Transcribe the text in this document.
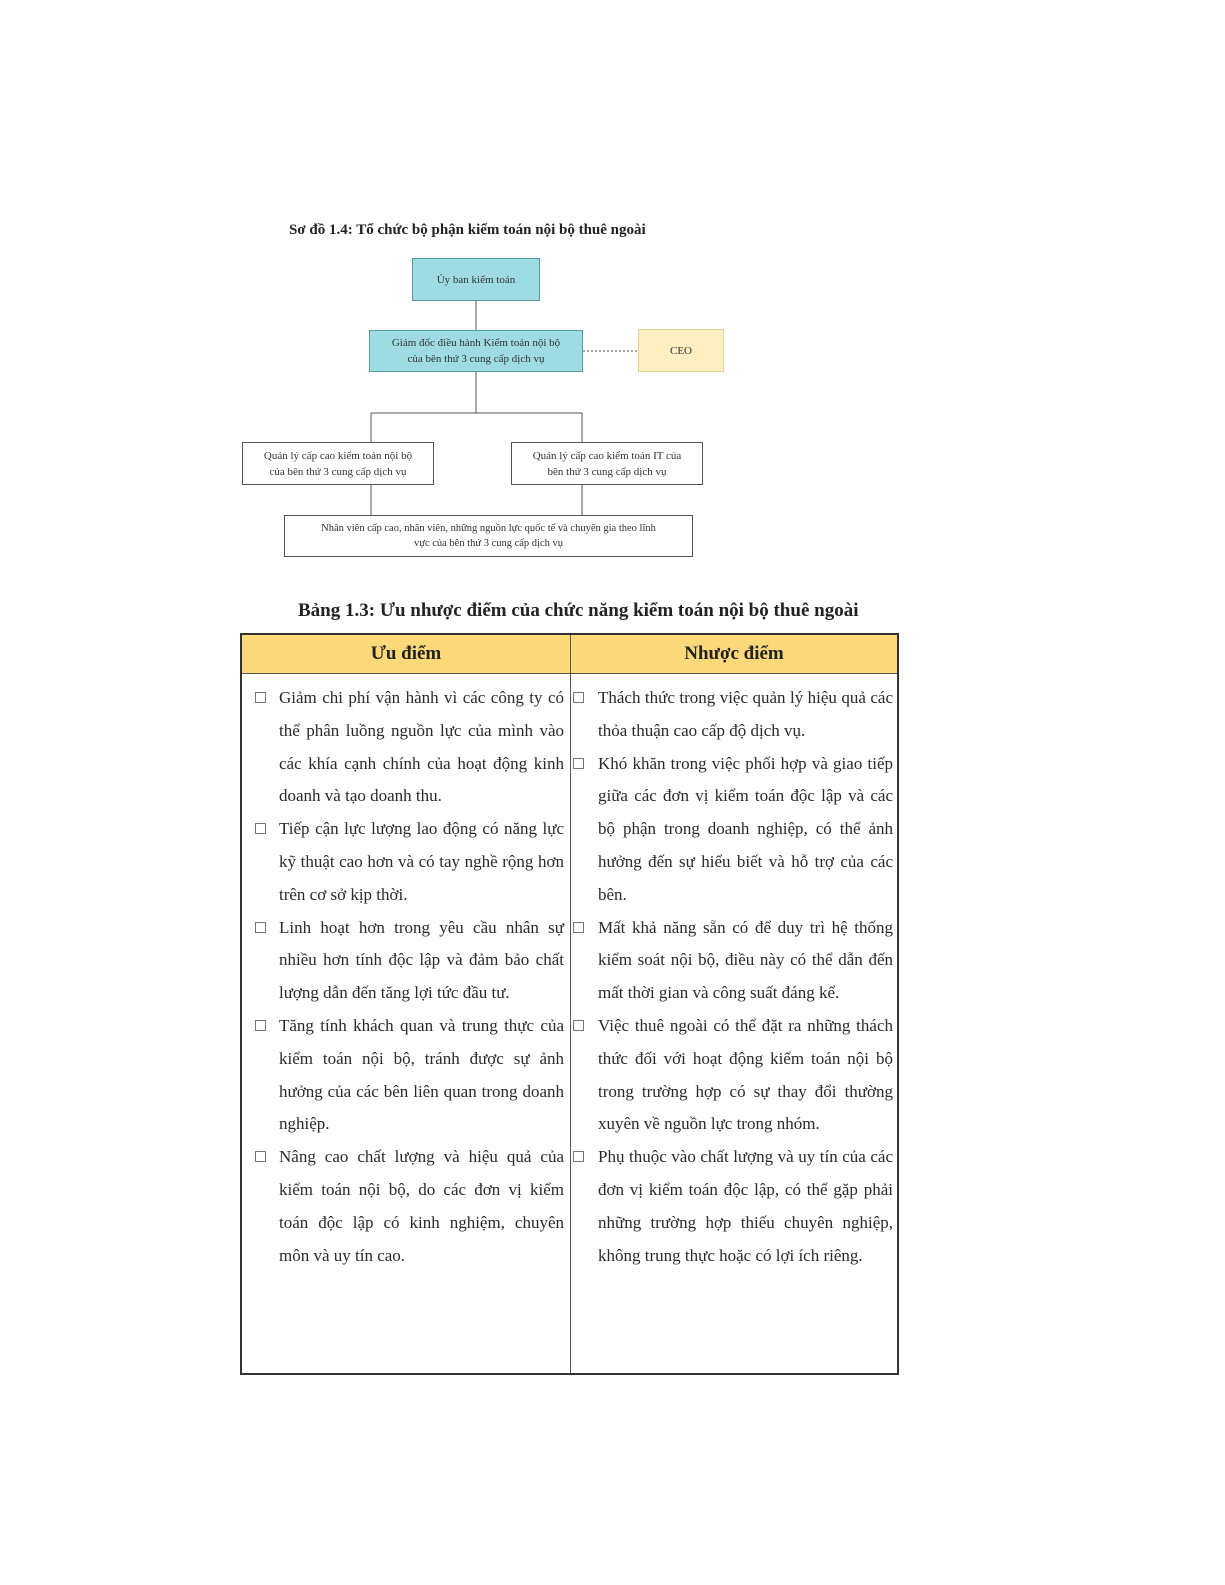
Sơ đồ 1.4: Tổ chức bộ phận kiểm toán nội bộ thuê ngoài
Ủy ban kiểm toán
Giám đốc điều hành Kiểm toán nội bộ
của bên thứ 3 cung cấp dịch vụ
CEO
Quản lý cấp cao kiểm toán nội bộ
của bên thứ 3 cung cấp dịch vụ
Quản lý cấp cao kiểm toán IT của
bên thứ 3 cung cấp dịch vụ
Nhân viên cấp cao, nhân viên, những nguồn lực quốc tế và chuyên gia theo lĩnh
vực của bên thứ 3 cung cấp dịch vụ
Bảng 1.3: Ưu nhược điểm của chức năng kiểm toán nội bộ thuê ngoài
Ưu điểm	Nhược điểm
Giảm chi phí vận hành vì các công ty có thể phân luồng nguồn lực của mình vào các khía cạnh chính của hoạt động kinh doanh và tạo doanh thu.
Tiếp cận lực lượng lao động có năng lực kỹ thuật cao hơn và có tay nghề rộng hơn trên cơ sở kịp thời.
Linh hoạt hơn trong yêu cầu nhân sự nhiều hơn tính độc lập và đảm bảo chất lượng dẫn đến tăng lợi tức đầu tư.
Tăng tính khách quan và trung thực của kiểm toán nội bộ, tránh được sự ảnh hưởng của các bên liên quan trong doanh nghiệp.
Nâng cao chất lượng và hiệu quả của kiểm toán nội bộ, do các đơn vị kiểm toán độc lập có kinh nghiệm, chuyên môn và uy tín cao.
Thách thức trong việc quản lý hiệu quả các thỏa thuận cao cấp độ dịch vụ.
Khó khăn trong việc phối hợp và giao tiếp giữa các đơn vị kiểm toán độc lập và các bộ phận trong doanh nghiệp, có thể ảnh hưởng đến sự hiểu biết và hỗ trợ của các bên.
Mất khả năng sẵn có để duy trì hệ thống kiểm soát nội bộ, điều này có thể dẫn đến mất thời gian và công suất đáng kể.
Việc thuê ngoài có thể đặt ra những thách thức đối với hoạt động kiểm toán nội bộ trong trường hợp có sự thay đổi thường xuyên về nguồn lực trong nhóm.
Phụ thuộc vào chất lượng và uy tín của các đơn vị kiểm toán độc lập, có thể gặp phải những trường hợp thiếu chuyên nghiệp, không trung thực hoặc có lợi ích riêng.
